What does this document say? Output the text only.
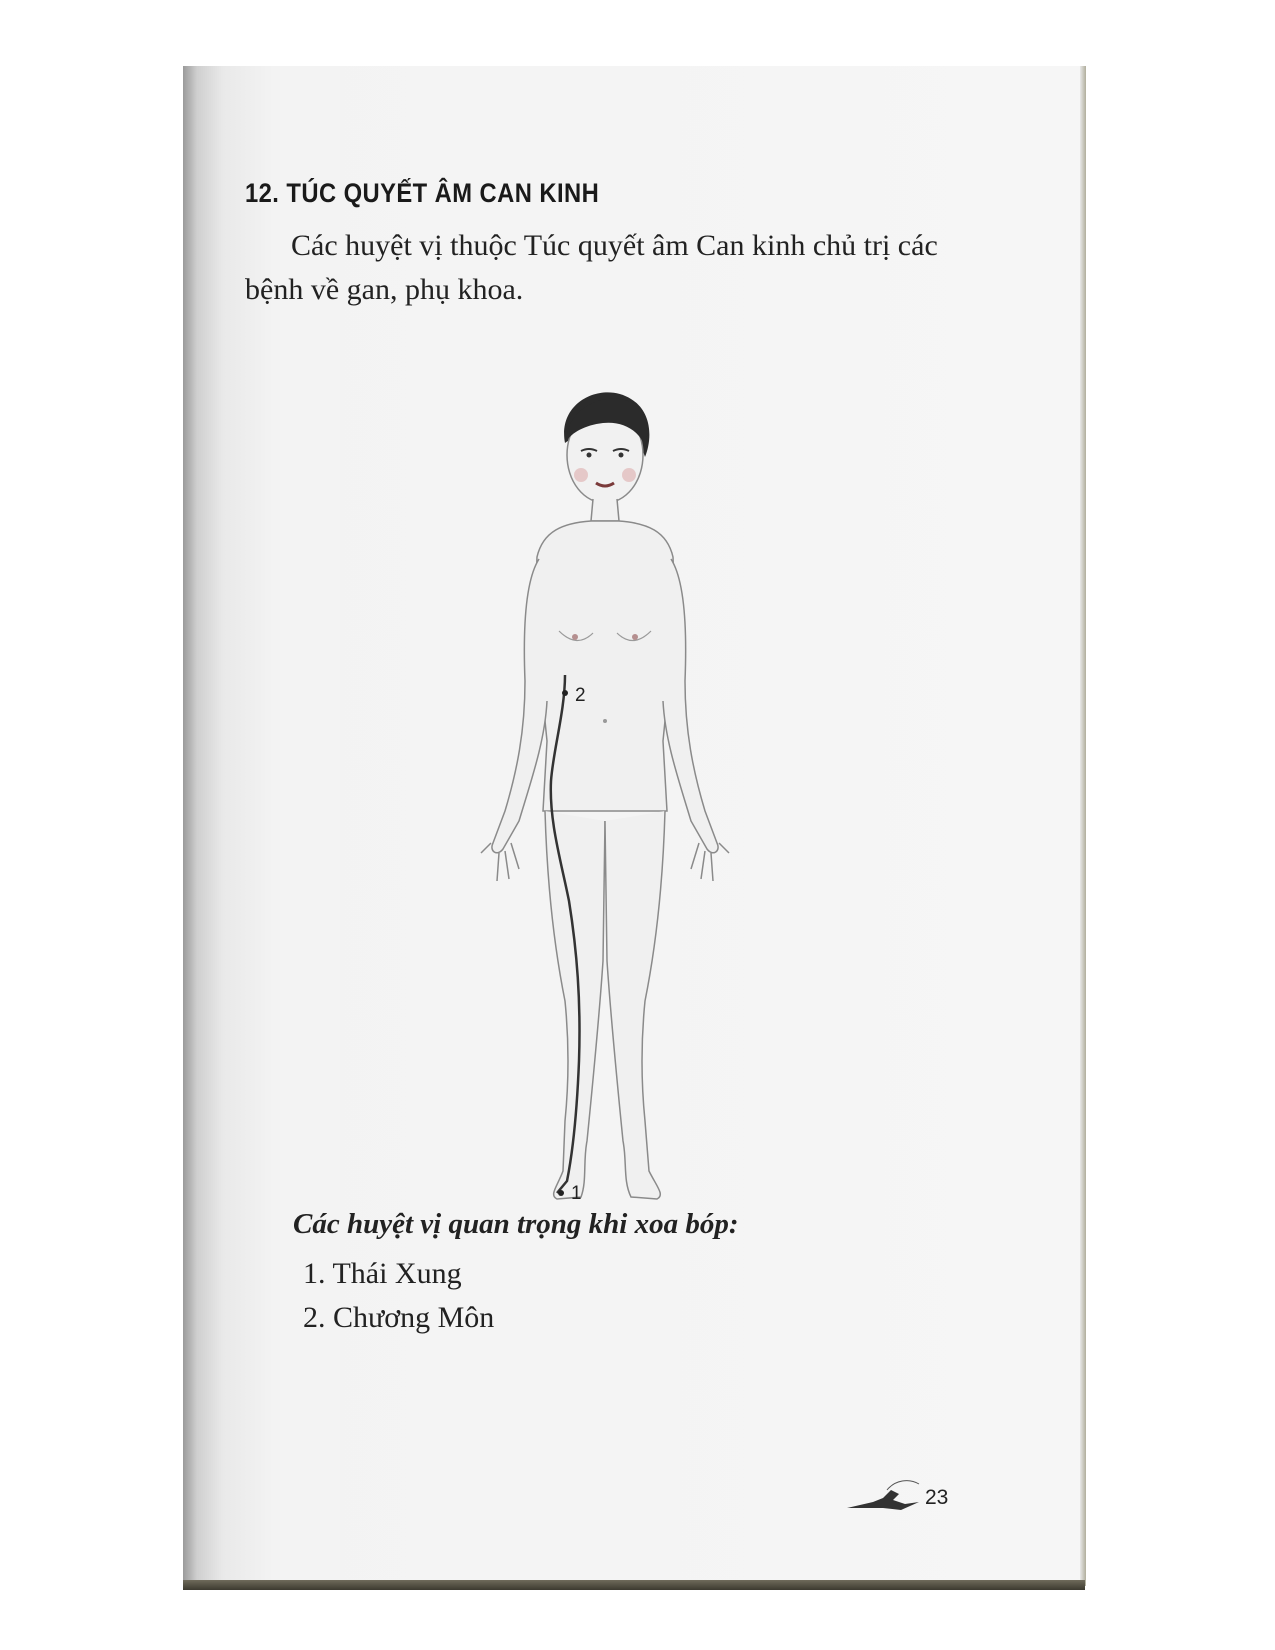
12. TÚC QUYẾT ÂM CAN KINH
Các huyệt vị thuộc Túc quyết âm Can kinh chủ trị các bệnh về gan, phụ khoa.
2
1
Các huyệt vị quan trọng khi xoa bóp:
1. Thái Xung
2. Chương Môn
23
